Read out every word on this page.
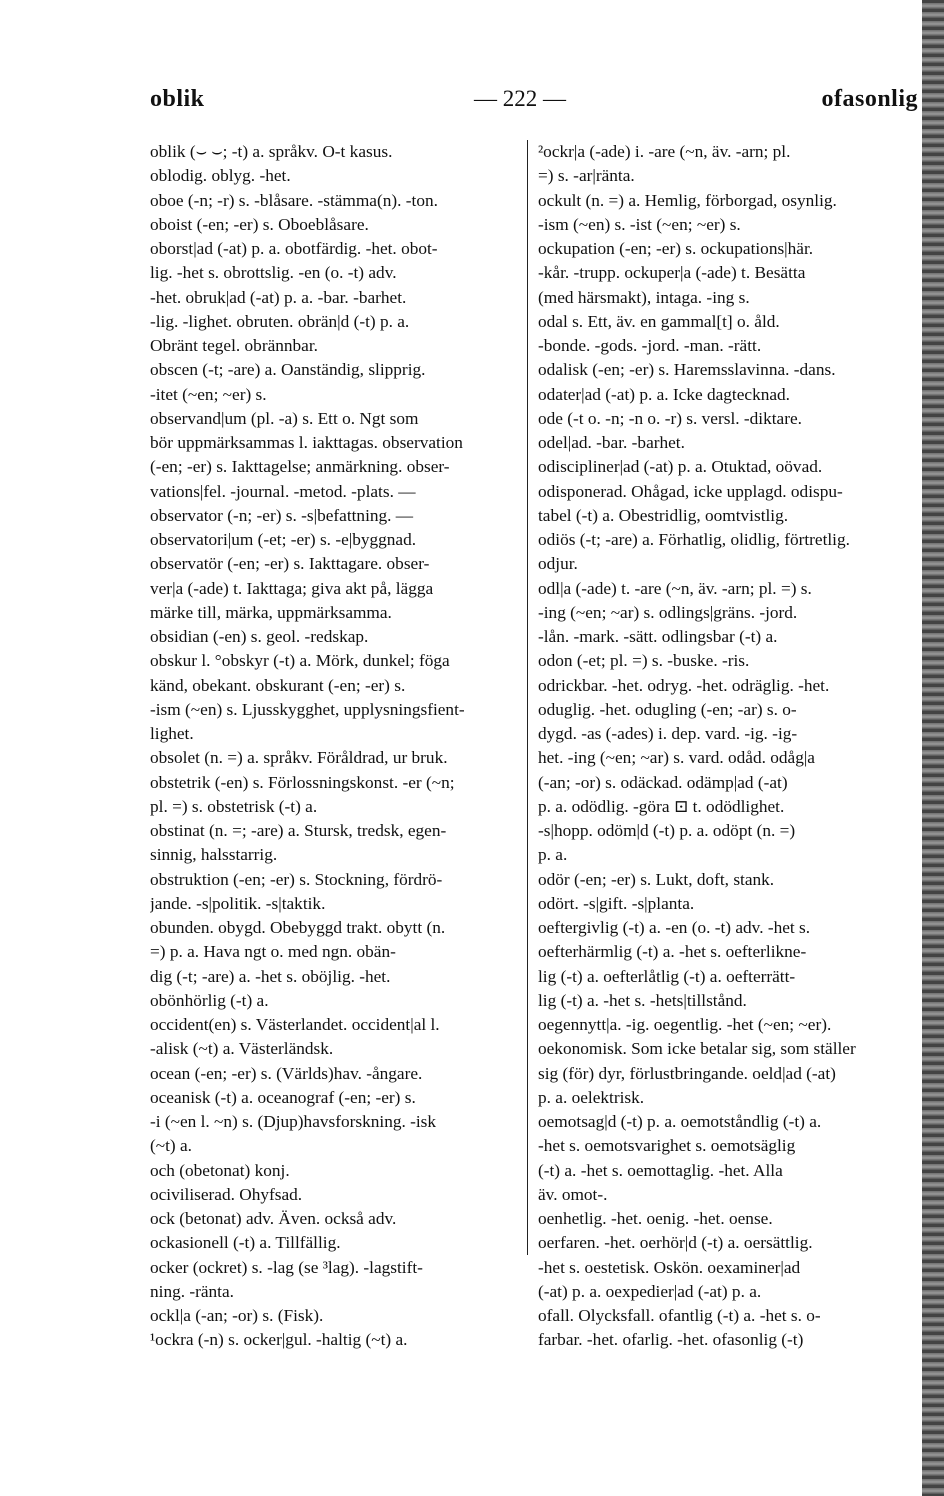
oblik	— 222 —	ofasonlig
oblik (⌣ ⌣; -t) a. språkv. O-t kasus.
oblodig. oblyg. -het.
oboe (-n; -r) s. -blåsare. -stämma(n). -ton.
oboist (-en; -er) s. Oboeblåsare.
oborst|ad (-at) p. a. obotfärdig. -het. obot-
lig. -het s. obrottslig. -en (o. -t) adv.
-het. obruk|ad (-at) p. a. -bar. -barhet.
-lig. -lighet. obruten. obrän|d (-t) p. a.
Obränt tegel. obrännbar.
obscen (-t; -are) a. Oanständig, slipprig.
-itet (~en; ~er) s.
observand|um (pl. -a) s. Ett o. Ngt som
bör uppmärksammas l. iakttagas. observation
(-en; -er) s. Iakttagelse; anmärkning. obser-
vations|fel. -journal. -metod. -plats. —
observator (-n; -er) s. -s|befattning. —
observatori|um (-et; -er) s. -e|byggnad.
observatör (-en; -er) s. Iakttagare. obser-
ver|a (-ade) t. Iakttaga; giva akt på, lägga
märke till, märka, uppmärksamma.
obsidian (-en) s. geol. -redskap.
obskur l. °obskyr (-t) a. Mörk, dunkel; föga
känd, obekant. obskurant (-en; -er) s.
-ism (~en) s. Ljusskygghet, upplysningsfient-
lighet.
obsolet (n. =) a. språkv. Föråldrad, ur bruk.
obstetrik (-en) s. Förlossningskonst. -er (~n;
pl. =) s. obstetrisk (-t) a.
obstinat (n. =; -are) a. Stursk, tredsk, egen-
sinnig, halsstarrig.
obstruktion (-en; -er) s. Stockning, fördrö-
jande. -s|politik. -s|taktik.
obunden. obygd. Obebyggd trakt. obytt (n.
=) p. a. Hava ngt o. med ngn. obän-
dig (-t; -are) a. -het s. oböjlig. -het.
obönhörlig (-t) a.
occident(en) s. Västerlandet. occident|al l.
-alisk (~t) a. Västerländsk.
ocean (-en; -er) s. (Världs)hav. -ångare.
oceanisk (-t) a. oceanograf (-en; -er) s.
-i (~en l. ~n) s. (Djup)havsforskning. -isk
(~t) a.
och (obetonat) konj.
ociviliserad. Ohyfsad.
ock (betonat) adv. Även. också adv.
ockasionell (-t) a. Tillfällig.
ocker (ockret) s. -lag (se ³lag). -lagstift-
ning. -ränta.
ockl|a (-an; -or) s. (Fisk).
¹ockra (-n) s. ocker|gul. -haltig (~t) a.
²ockr|a (-ade) i. -are (~n, äv. -arn; pl.
=) s. -ar|ränta.
ockult (n. =) a. Hemlig, förborgad, osynlig.
-ism (~en) s. -ist (~en; ~er) s.
ockupation (-en; -er) s. ockupations|här.
-kår. -trupp. ockuper|a (-ade) t. Besätta
(med härsmakt), intaga. -ing s.
odal s. Ett, äv. en gammal[t] o. åld.
-bonde. -gods. -jord. -man. -rätt.
odalisk (-en; -er) s. Haremsslavinna. -dans.
odater|ad (-at) p. a. Icke dagtecknad.
ode (-t o. -n; -n o. -r) s. versl. -diktare.
odel|ad. -bar. -barhet.
odiscipliner|ad (-at) p. a. Otuktad, oövad.
odisponerad. Ohågad, icke upplagd. odispu-
tabel (-t) a. Obestridlig, oomtvistlig.
odiös (-t; -are) a. Förhatlig, olidlig, förtretlig.
odjur.
odl|a (-ade) t. -are (~n, äv. -arn; pl. =) s.
-ing (~en; ~ar) s. odlings|gräns. -jord.
-lån. -mark. -sätt. odlingsbar (-t) a.
odon (-et; pl. =) s. -buske. -ris.
odrickbar. -het. odryg. -het. odräglig. -het.
oduglig. -het. odugling (-en; -ar) s. o-
dygd. -as (-ades) i. dep. vard. -ig. -ig-
het. -ing (~en; ~ar) s. vard. odåd. odåg|a
(-an; -or) s. odäckad. odämp|ad (-at)
p. a. odödlig. -göra ⊡ t. odödlighet.
-s|hopp. odöm|d (-t) p. a. odöpt (n. =)
p. a.
odör (-en; -er) s. Lukt, doft, stank.
odört. -s|gift. -s|planta.
oeftergivlig (-t) a. -en (o. -t) adv. -het s.
oefterhärmlig (-t) a. -het s. oefterlikne-
lig (-t) a. oefterlåtlig (-t) a. oefterrätt-
lig (-t) a. -het s. -hets|tillstånd.
oegennytt|a. -ig. oegentlig. -het (~en; ~er).
oekonomisk. Som icke betalar sig, som ställer
sig (för) dyr, förlustbringande. oeld|ad (-at)
p. a. oelektrisk.
oemotsag|d (-t) p. a. oemotståndlig (-t) a.
-het s. oemotsvarighet s. oemotsäglig
(-t) a. -het s. oemottaglig. -het. Alla
äv. omot-.
oenhetlig. -het. oenig. -het. oense.
oerfaren. -het. oerhör|d (-t) a. oersättlig.
-het s. oestetisk. Oskön. oexaminer|ad
(-at) p. a. oexpedier|ad (-at) p. a.
ofall. Olycksfall. ofantlig (-t) a. -het s. o-
farbar. -het. ofarlig. -het. ofasonlig (-t)
